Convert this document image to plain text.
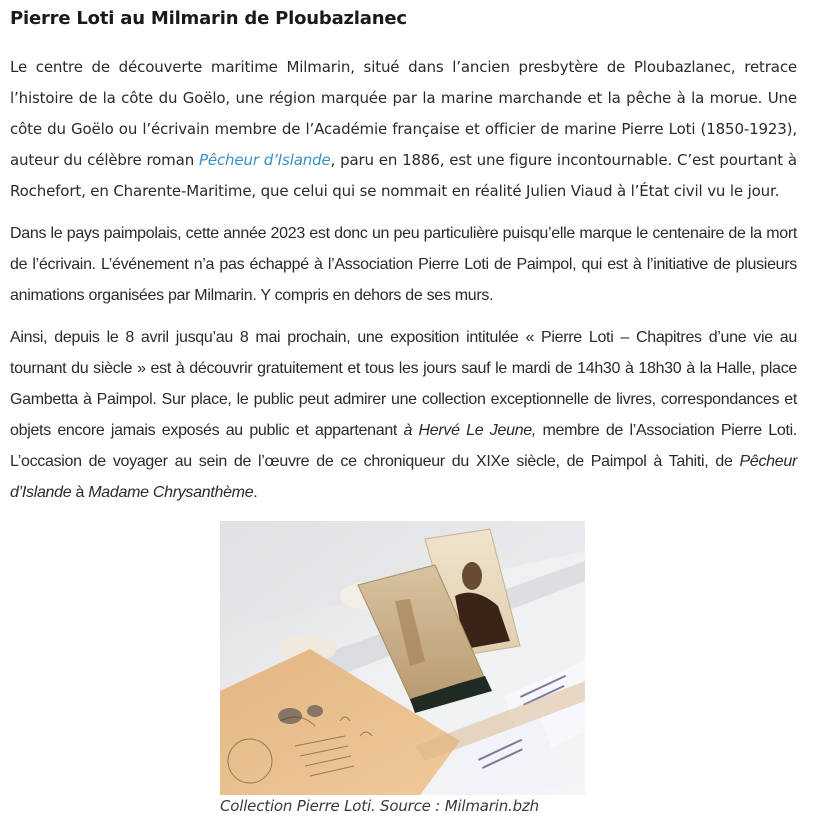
Pierre Loti au Milmarin de Ploubazlanec

Le centre de découverte maritime Milmarin, situé dans l’ancien presbytère de Ploubazlanec, retrace l’histoire de la côte du Goëlo, une région marquée par la marine marchande et la pêche à la morue. Une côte du Goëlo ou l’écrivain membre de l’Académie française et officier de marine Pierre Loti (1850-1923), auteur du célèbre roman Pêcheur d’Islande, paru en 1886, est une figure incontournable. C’est pourtant à Rochefort, en Charente-Maritime, que celui qui se nommait en réalité Julien Viaud à l’État civil vu le jour.

Dans le pays paimpolais, cette année 2023 est donc un peu particulière puisqu’elle marque le centenaire de la mort de l’écrivain. L’événement n’a pas échappé à l’Association Pierre Loti de Paimpol, qui est à l’initiative de plusieurs animations organisées par Milmarin. Y compris en dehors de ses murs.

Ainsi, depuis le 8 avril jusqu’au 8 mai prochain, une exposition intitulée « Pierre Loti – Chapitres d’une vie au tournant du siècle » est à découvrir gratuitement et tous les jours sauf le mardi de 14h30 à 18h30 à la Halle, place Gambetta à Paimpol. Sur place, le public peut admirer une collection exceptionnelle de livres, correspondances et objets encore jamais exposés au public et appartenant à Hervé Le Jeune, membre de l’Association Pierre Loti. L’occasion de voyager au sein de l’œuvre de ce chroniqueur du XIXe siècle, de Paimpol à Tahiti, de Pêcheur d’Islande à Madame Chrysanthème.

Collection Pierre Loti. Source : Milmarin.bzh
